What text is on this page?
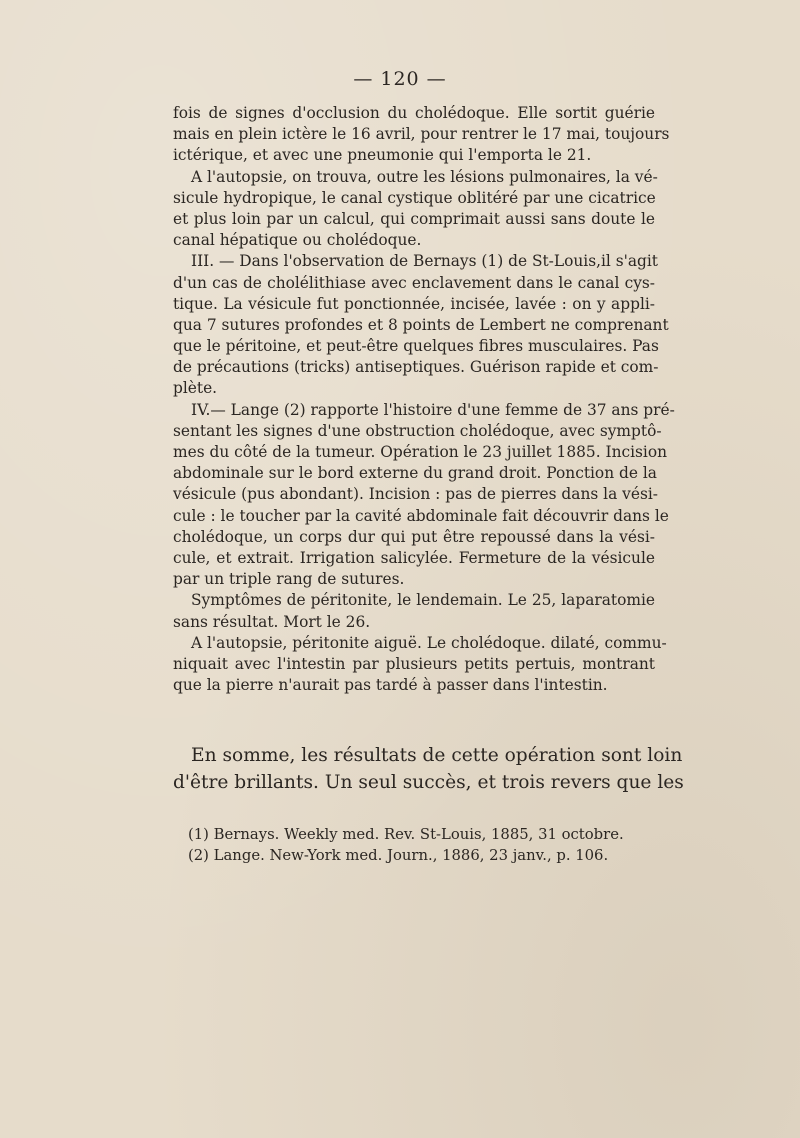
— 120 —
fois de signes d'occlusion du cholédoque. Elle sortit guérie
mais en plein ictère le 16 avril, pour rentrer le 17 mai, toujours
ictérique, et avec une pneumonie qui l'emporta le 21.
A l'autopsie, on trouva, outre les lésions pulmonaires, la vé-
sicule hydropique, le canal cystique oblitéré par une cicatrice
et plus loin par un calcul, qui comprimait aussi sans doute le
canal hépatique ou cholédoque.
III. — Dans l'observation de Bernays (1) de St-Louis,il s'agit
d'un cas de cholélithiase avec enclavement dans le canal cys-
tique. La vésicule fut ponctionnée, incisée, lavée : on y appli-
qua 7 sutures profondes et 8 points de Lembert ne comprenant
que le péritoine, et peut-être quelques fibres musculaires. Pas
de précautions (tricks) antiseptiques. Guérison rapide et com-
plète.
IV.— Lange (2) rapporte l'histoire d'une femme de 37 ans pré-
sentant les signes d'une obstruction cholédoque, avec symptô-
mes du côté de la tumeur. Opération le 23 juillet 1885. Incision
abdominale sur le bord externe du grand droit. Ponction de la
vésicule (pus abondant). Incision : pas de pierres dans la vési-
cule : le toucher par la cavité abdominale fait découvrir dans le
cholédoque, un corps dur qui put être repoussé dans la vési-
cule, et extrait. Irrigation salicylée. Fermeture de la vésicule
par un triple rang de sutures.
Symptômes de péritonite, le lendemain. Le 25, laparatomie
sans résultat. Mort le 26.
A l'autopsie, péritonite aiguë. Le cholédoque. dilaté, commu-
niquait avec l'intestin par plusieurs petits pertuis, montrant
que la pierre n'aurait pas tardé à passer dans l'intestin.
En somme, les résultats de cette opération sont loin
d'être brillants. Un seul succès, et trois revers que les
(1) Bernays. Weekly med. Rev. St-Louis, 1885, 31 octobre.
(2) Lange. New-York med. Journ., 1886, 23 janv., p. 106.
